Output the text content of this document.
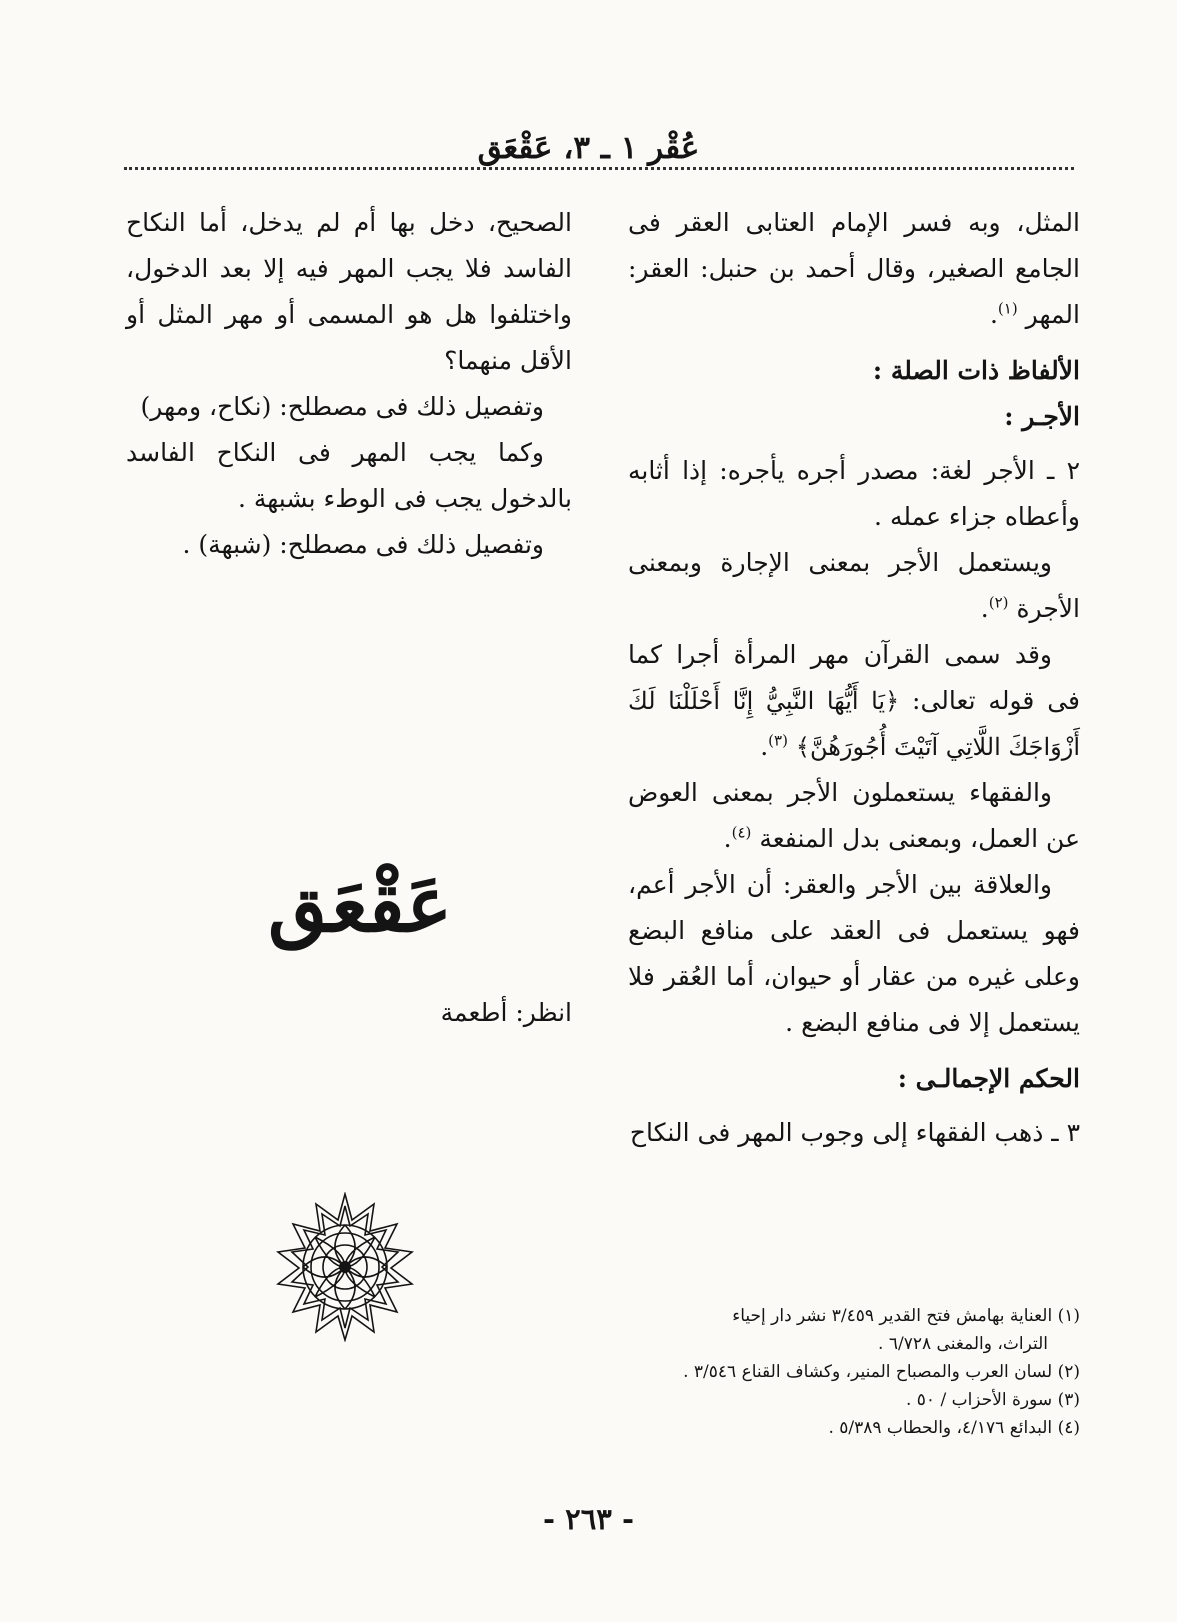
عُقْر ١ ـ ٣، عَقْعَق

المثل، وبه فسر الإمام العتابى العقر فى الجامع الصغير، وقال أحمد بن حنبل: العقر: المهر $^{(١)}$.

الألفاظ ذات الصلة :

الأجـر :

٢ ـ الأجر لغة: مصدر أجره يأجره: إذا أثابه وأعطاه جزاء عمله .

ويستعمل الأجر بمعنى الإجارة وبمعنى الأجرة $^{(٢)}$.

وقد سمى القرآن مهر المرأة أجرا كما فى قوله تعالى: ﴿يَا أَيُّهَا النَّبِيُّ إِنَّا أَحْلَلْنَا لَكَ أَزْوَاجَكَ اللَّاتِي آتَيْتَ أُجُورَهُنَّ﴾ $^{(٣)}$.

والفقهاء يستعملون الأجر بمعنى العوض عن العمل، وبمعنى بدل المنفعة $^{(٤)}$.

والعلاقة بين الأجر والعقر: أن الأجر أعم، فهو يستعمل فى العقد على منافع البضع وعلى غيره من عقار أو حيوان، أما العُقر فلا يستعمل إلا فى منافع البضع .

الحكم الإجمالـى :

٣ ـ ذهب الفقهاء إلى وجوب المهر فى النكاح

الصحيح، دخل بها أم لم يدخل، أما النكاح الفاسد فلا يجب المهر فيه إلا بعد الدخول، واختلفوا هل هو المسمى أو مهر المثل أو الأقل منهما؟

وتفصيل ذلك فى مصطلح: (نكاح، ومهر)

وكما يجب المهر فى النكاح الفاسد بالدخول يجب فى الوطء بشبهة .

وتفصيل ذلك فى مصطلح: (شبهة) .

عَقْعَق
انظر: أطعمة

(١) العناية بهامش فتح القدير ٣/٤٥٩ نشر دار إحياء

التراث، والمغنى ٦/٧٢٨ .

(٢) لسان العرب والمصباح المنير، وكشاف القناع ٣/٥٤٦ .

(٣) سورة الأحزاب / ٥٠ .

(٤) البدائع ٤/١٧٦، والحطاب ٥/٣٨٩ .

- ٢٦٣ -
